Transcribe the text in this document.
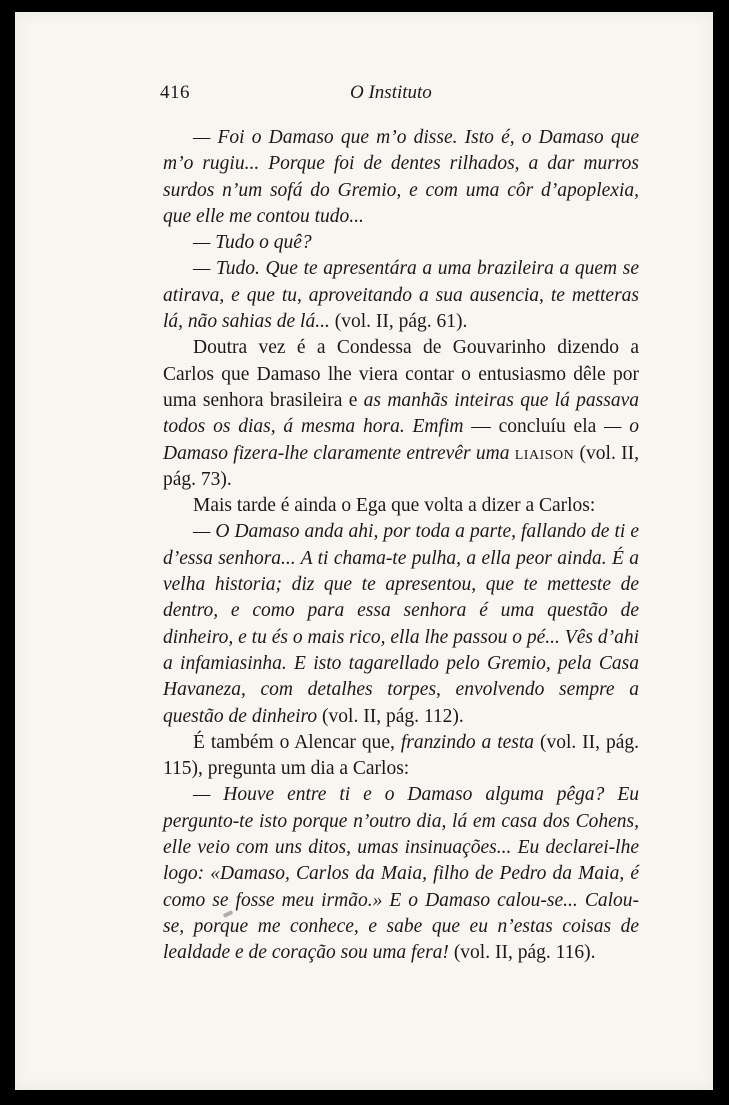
416	O Instituto

— Foi o Damaso que m’o disse. Isto é, o Damaso que m’o rugiu... Porque foi de dentes rilhados, a dar murros surdos n’um sofá do Gremio, e com uma côr d’apoplexia, que elle me contou tudo...

— Tudo o quê?

— Tudo. Que te apresentára a uma brazileira a quem se atirava, e que tu, aproveitando a sua ausencia, te metteras lá, não sahias de lá... (vol. II, pág. 61).

Doutra vez é a Condessa de Gouvarinho dizendo a Carlos que Damaso lhe viera contar o entusiasmo dêle por uma senhora brasileira e as manhãs inteiras que lá passava todos os dias, á mesma hora. Emfim — concluíu ela — o Damaso fizera-lhe claramente entrevêr uma liaison (vol. II, pág. 73).

Mais tarde é ainda o Ega que volta a dizer a Carlos:

— O Damaso anda ahi, por toda a parte, fallando de ti e d’essa senhora... A ti chama-te pulha, a ella peor ainda. É a velha historia; diz que te apresentou, que te metteste de dentro, e como para essa senhora é uma questão de dinheiro, e tu és o mais rico, ella lhe passou o pé... Vês d’ahi a infamiasinha. E isto tagarellado pelo Gremio, pela Casa Havaneza, com detalhes torpes, envolvendo sempre a questão de dinheiro (vol. II, pág. 112).

É também o Alencar que, franzindo a testa (vol. II, pág. 115), pregunta um dia a Carlos:

— Houve entre ti e o Damaso alguma pêga? Eu pergunto-te isto porque n’outro dia, lá em casa dos Cohens, elle veio com uns ditos, umas insinuações... Eu declarei-lhe logo: «Damaso, Carlos da Maia, filho de Pedro da Maia, é como se fosse meu irmão.» E o Damaso calou-se... Calou-se, porque me conhece, e sabe que eu n’estas coisas de lealdade e de coração sou uma fera! (vol. II, pág. 116).
